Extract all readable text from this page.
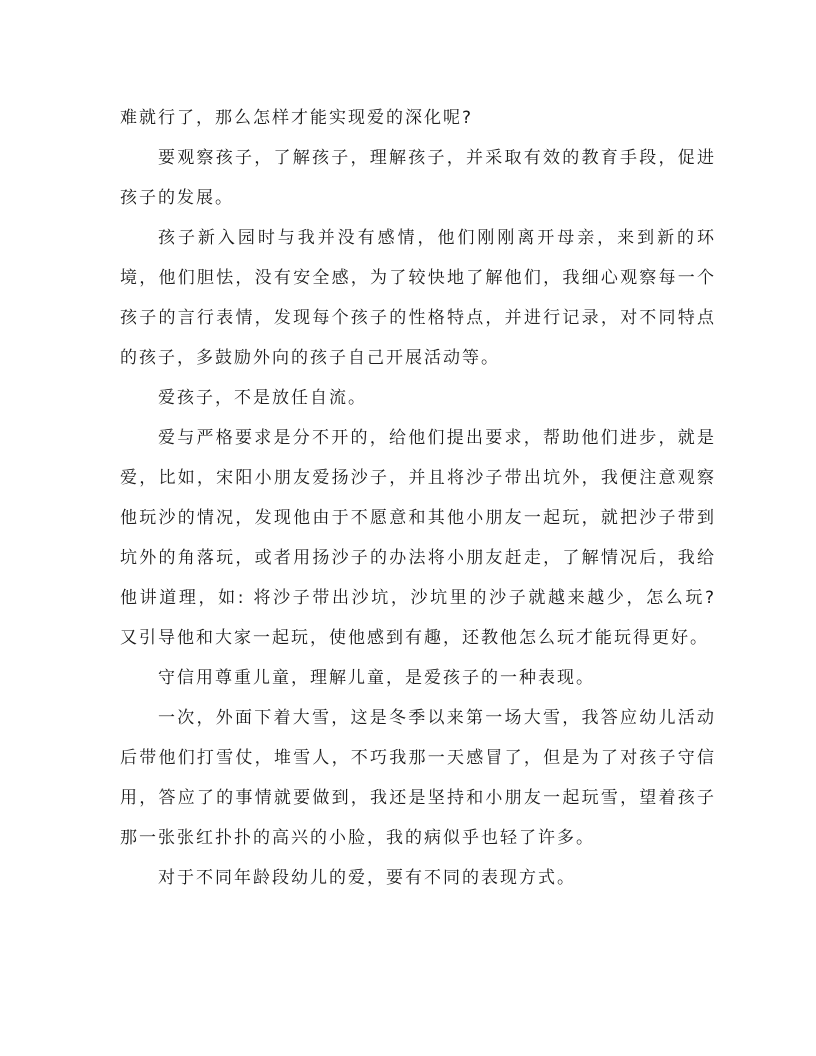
难就行了，那么怎样才能实现爱的深化呢?

要观察孩子，了解孩子，理解孩子，并采取有效的教育手段，促进孩子的发展。

孩子新入园时与我并没有感情，他们刚刚离开母亲，来到新的环境，他们胆怯，没有安全感，为了较快地了解他们，我细心观察每一个孩子的言行表情，发现每个孩子的性格特点，并进行记录，对不同特点的孩子，多鼓励外向的孩子自己开展活动等。

爱孩子，不是放任自流。

爱与严格要求是分不开的，给他们提出要求，帮助他们进步，就是爱，比如，宋阳小朋友爱扬沙子，并且将沙子带出坑外，我便注意观察他玩沙的情况，发现他由于不愿意和其他小朋友一起玩，就把沙子带到坑外的角落玩，或者用扬沙子的办法将小朋友赶走，了解情况后，我给他讲道理，如: 将沙子带出沙坑，沙坑里的沙子就越来越少，怎么玩?又引导他和大家一起玩，使他感到有趣，还教他怎么玩才能玩得更好。

守信用尊重儿童，理解儿童，是爱孩子的一种表现。

一次，外面下着大雪，这是冬季以来第一场大雪，我答应幼儿活动后带他们打雪仗，堆雪人，不巧我那一天感冒了，但是为了对孩子守信用，答应了的事情就要做到，我还是坚持和小朋友一起玩雪，望着孩子那一张张红扑扑的高兴的小脸，我的病似乎也轻了许多。

对于不同年龄段幼儿的爱，要有不同的表现方式。
